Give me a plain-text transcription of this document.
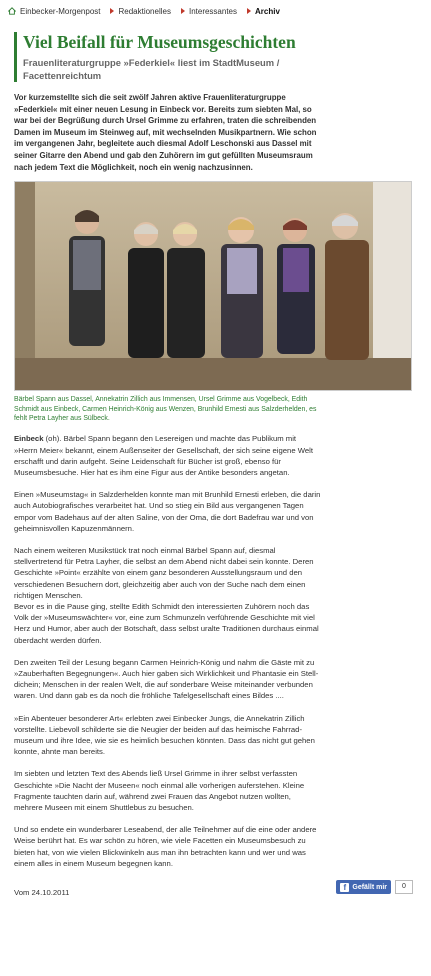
Einbecker-Morgenpost Redaktionelles Interessantes Archiv
Viel Beifall für Museumsgeschichten

Frauenliteraturgruppe »Federkiel« liest im StadtMuseum /
Facettenreichtum

Vor kurzemstellte sich die seit zwölf Jahren aktive Frauenliteraturgruppe
»Federkiel« mit einer neuen Lesung in Einbeck vor. Bereits zum siebten Mal, so
war bei der Begrüßung durch Ursel Grimme zu erfahren, traten die schreibenden
Damen im Museum im Steinweg auf, mit wechselnden Musikpartnern. Wie schon
im vergangenen Jahr, begleitete auch diesmal Adolf Leschonski aus Dassel mit
seiner Gitarre den Abend und gab den Zuhörern im gut gefüllten Museumsraum
nach jedem Text die Möglichkeit, noch ein wenig nachzusinnen.

Bärbel Spann aus Dassel, Annekatrin Zillich aus Immensen, Ursel Grimme aus Vogelbeck, Edith
Schmidt aus Einbeck, Carmen Heinrich-König aus Wenzen, Brunhild Ernesti aus Salzderhelden, es
fehlt Petra Layher aus Sülbeck.

Einbeck (oh). Bärbel Spann begann den Lesereigen und machte das Publikum mit
»Herrn Meier« bekannt, einem Außenseiter der Gesellschaft, der sich seine eigene Welt
erschafft und darin aufgeht. Seine Leidenschaft für Bücher ist groß, ebenso für
Museumsbesuche. Hier hat es ihm eine Figur aus der Antike besonders angetan.

Einen »Museumstag« in Salzderhelden konnte man mit Brunhild Ernesti erleben, die darin
auch Autobiografisches verarbeitet hat. Und so stieg ein Bild aus vergangenen Tagen
empor vom Badehaus auf der alten Saline, von der Oma, die dort Badefrau war und von
geheimnisvollen Kapuzenmännern.

Nach einem weiteren Musikstück trat noch einmal Bärbel Spann auf, diesmal
stellvertretend für Petra Layher, die selbst an dem Abend nicht dabei sein konnte. Deren
Geschichte »Point« erzählte von einem ganz besonderen Ausstellungsraum und den
verschiedenen Besuchern dort, gleichzeitig aber auch von der Suche nach dem einen
richtigen Menschen.
Bevor es in die Pause ging, stellte Edith Schmidt den interessierten Zuhörern noch das
Volk der »Museumswächter« vor, eine zum Schmunzeln verführende Geschichte mit viel
Herz und Humor, aber auch der Botschaft, dass selbst uralte Traditionen durchaus einmal
überdacht werden dürfen.

Den zweiten Teil der Lesung begann Carmen Heinrich-König und nahm die Gäste mit zu
»Zauberhaften Begegnungen«. Auch hier gaben sich Wirklichkeit und Phantasie ein Stell-
dichein; Menschen in der realen Welt, die auf sonderbare Weise miteinander verbunden
waren. Und dann gab es da noch die fröhliche Tafelgesellschaft eines Bildes ....

»Ein Abenteuer besonderer Art« erlebten zwei Einbecker Jungs, die Annekatrin Zillich
vorstellte. Liebevoll schilderte sie die Neugier der beiden auf das heimische Fahrrad-
museum und ihre Idee, wie sie es heimlich besuchen könnten. Dass das nicht gut gehen
konnte, ahnte man bereits.

Im siebten und letzten Text des Abends ließ Ursel Grimme in ihrer selbst verfassten
Geschichte »Die Nacht der Museen« noch einmal alle vorherigen auferstehen. Kleine
Fragmente tauchten darin auf, während zwei Frauen das Angebot nutzen wollten,
mehrere Museen mit einem Shuttlebus zu besuchen.

Und so endete ein wunderbarer Leseabend, der alle Teilnehmer auf die eine oder andere
Weise berührt hat. Es war schön zu hören, wie viele Facetten ein Museumsbesuch zu
bieten hat, von wie vielen Blickwinkeln aus man ihn betrachten kann und wer und was
einem alles in einem Museum begegnen kann.

Vom 24.10.2011
f Gefällt mir	0
